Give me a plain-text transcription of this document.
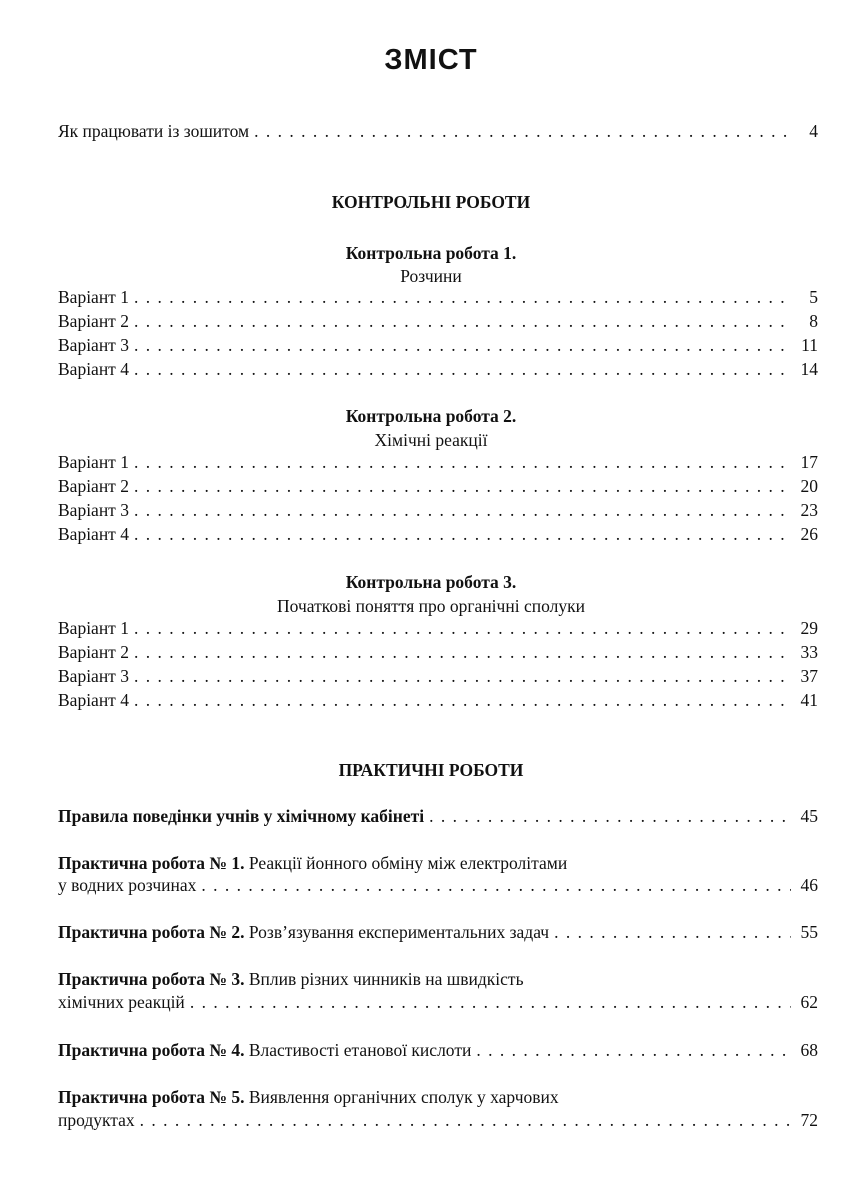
ЗМІСТ
Як працювати із зошитом . . .	4
КОНТРОЛЬНІ РОБОТИ
Контрольна робота 1.
Розчини
Варіант 1 . . .	5
Варіант 2 . . .	8
Варіант 3 . . .	11
Варіант 4 . . .	14
Контрольна робота 2.
Хімічні реакції
Варіант 1 . . .	17
Варіант 2 . . .	20
Варіант 3 . . .	23
Варіант 4 . . .	26
Контрольна робота 3.
Початкові поняття про органічні сполуки
Варіант 1 . . .	29
Варіант 2 . . .	33
Варіант 3 . . .	37
Варіант 4 . . .	41
ПРАКТИЧНІ РОБОТИ
Правила поведінки учнів у хімічному кабінеті . . .	45
Практична робота № 1. Реакції йонного обміну між електролітами
у водних розчинах . . .	46
Практична робота № 2. Розв’язування експериментальних задач . . .	55
Практична робота № 3. Вплив різних чинників на швидкість
хімічних реакцій . . .	62
Практична робота № 4. Властивості етанової кислоти . . .	68
Практична робота № 5. Виявлення органічних сполук у харчових
продуктах . . .	72
